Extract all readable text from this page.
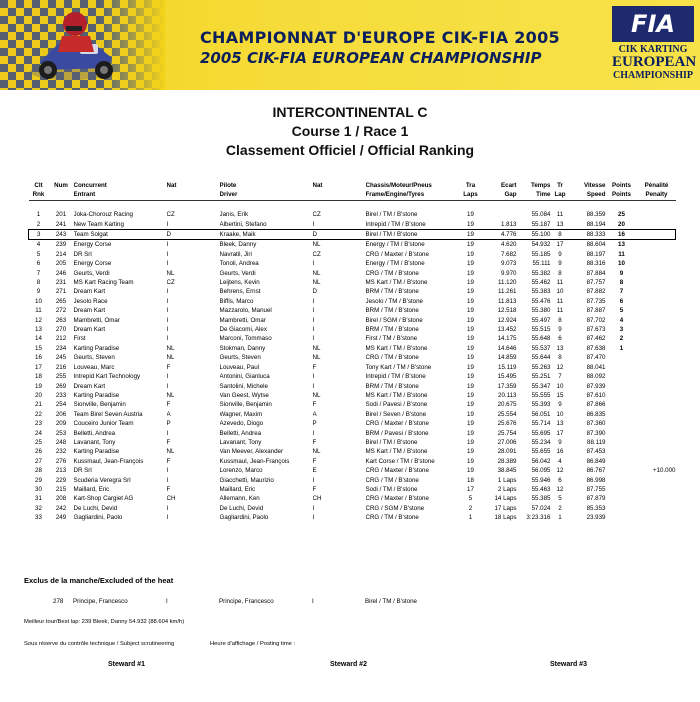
CHAMPIONNAT D'EUROPE CIK-FIA 2005
2005 CIK-FIA EUROPEAN CHAMPIONSHIP
FIA
CIK KARTING
EUROPEAN
CHAMPIONSHIP
INTERCONTINENTAL C
Course 1 / Race 1
Classement Officiel / Official Ranking
Clt	Num	Concurrent	Nat	Pilote	Nat	Chassis/Moteur/Pneus	Tra	Ecart	Temps	Tr	Vitesse	Points	Pénalité
Rnk		Entrant		Driver		Frame/Engine/Tyres	Laps	Gap	Time	Lap	Speed	Points	Penalty

1	201	Joka-Chorouz Racing	CZ	Janis, Erik	CZ	Birel / TM / B'stone	19		55.084	11	88.359	25	
2	241	New Team Karting	I	Albertini, Stefano	I	Intrepid / TM / B'stone	19	1.813	55.187	13	88.194	20	
3	243	Team Solgat	D	Kraake, Maik	D	Birel / TM / B'stone	19	4.776	55.100	8	88.333	16	
4	239	Energy Corse	I	Bleek, Danny	NL	Energy / TM / B'stone	19	4.620	54.932	17	88.604	13	
5	214	DR Srl	I	Navratil, Jiri	CZ	CRG / Maxter / B'stone	19	7.682	55.185	9	88.197	11	
6	205	Energy Corse	I	Tonoli, Andrea	I	Energy / TM / B'stone	19	9.073	55.111	9	88.316	10	
7	246	Geurts, Verdi	NL	Geurts, Verdi	NL	CRG / TM / B'stone	19	9.970	55.382	8	87.884	9	
8	231	MS Kart Racing Team	CZ	Leijtens, Kevin	NL	MS Kart / TM / B'stone	19	11.120	55.462	11	87.757	8	
9	271	Dream Kart	I	Behrens, Ernst	D	BRM / TM / B'stone	19	11.261	55.383	10	87.882	7	
10	265	Jesolo Race	I	Biffis, Marco	I	Jesolo / TM / B'stone	19	11.813	55.476	11	87.735	6	
11	272	Dream Kart	I	Mazzarolo, Manuel	I	BRM / TM / B'stone	19	12.518	55.380	11	87.887	5	
12	263	Mambretti, Omar	I	Mambretti, Omar	I	Birel / SGM / B'stone	19	12.924	55.497	8	87.702	4	
13	270	Dream Kart	I	De Giacomi, Alex	I	BRM / TM / B'stone	19	13.452	55.515	9	87.673	3	
14	212	First	I	Marconi, Tommaso	I	First / TM / B'stone	19	14.175	55.648	6	87.462	2	
15	234	Karting Paradise	NL	Stokman, Danny	NL	MS Kart / TM / B'stone	19	14.646	55.537	13	87.638	1	
16	245	Geurts, Steven	NL	Geurts, Steven	NL	CRG / TM / B'stone	19	14.859	55.644	8	87.470		
17	216	Louveau, Marc	F	Louveau, Paul	F	Tony Kart / TM / B'stone	19	15.119	55.263	12	88.041		
18	255	Intrepid Kart Technology	I	Antonini, Gianluca	I	Intrepid / TM / B'stone	19	15.495	55.251	7	88.092		
19	269	Dream Kart	I	Santolini, Michele	I	BRM / TM / B'stone	19	17.359	55.347	10	87.939		
20	233	Karting Paradise	NL	Van Geest, Wytse	NL	MS Kart / TM / B'stone	19	20.113	55.555	15	87.610		
21	254	Sionville, Benjamin	F	Sionville, Benjamin	F	Sodi / Pavesi / B'stone	19	20.675	55.393	9	87.866		
22	206	Team Birel Seven Austria	A	Wagner, Maxim	A	Birel / Seven / B'stone	19	25.554	56.051	10	86.835		
23	209	Couceiro Junior Team	P	Azevedo, Diogo	P	CRG / Maxter / B'stone	19	25.676	55.714	13	87.360		
24	253	Belletti, Andrea	I	Belletti, Andrea	I	BRM / Pavesi / B'stone	19	25.754	55.695	17	87.390		
25	248	Lavanant, Tony	F	Lavanant, Tony	F	Birel / TM / B'stone	19	27.006	55.234	9	88.119		
26	232	Karting Paradise	NL	Van Meever, Alexander	NL	MS Kart / TM / B'stone	19	28.091	55.655	16	87.453		
27	276	Kussmaul, Jean-François	F	Kussmaul, Jean-François	F	Kart Corse / TM / B'stone	19	28.389	56.042	4	86.849		
28	213	DR Srl	I	Lorenzo, Marco	E	CRG / Maxter / B'stone	19	38.845	56.095	12	86.767		+10.000
29	229	Scuderia Veregra Srl	I	Giacchetti, Maurizio	I	CRG / TM / B'stone	18	1 Laps	55.946	6	86.998		
30	215	Maillard, Eric	F	Maillard, Eric	F	Sodi / TM / B'stone	17	2 Laps	55.463	12	87.755		
31	208	Kart-Shop Cargiet AG	CH	Allemann, Ken	CH	CRG / Maxter / B'stone	5	14 Laps	55.385	5	87.879		
32	242	De Luchi, Devid	I	De Luchi, Devid	I	CRG / SGM / B'stone	2	17 Laps	57.024	2	85.353		
33	249	Gagliardini, Paolo	I	Gagliardini, Paolo	I	CRG / TM / B'stone	1	18 Laps	3:23.316	1	23.939		
Exclus de la manche/Excluded of the heat
278 Principe, Francesco	I	Principe, Francesco	I	Birel / TM / B'stone
Meilleur tour/Best lap: 239 Bleek, Danny 54.932 (88.604 km/h)
Sous réserve du contrôle technique / Subject scrutineering	Heure d'affichage / Posting time :
Steward #1	Steward #2	Steward #3
